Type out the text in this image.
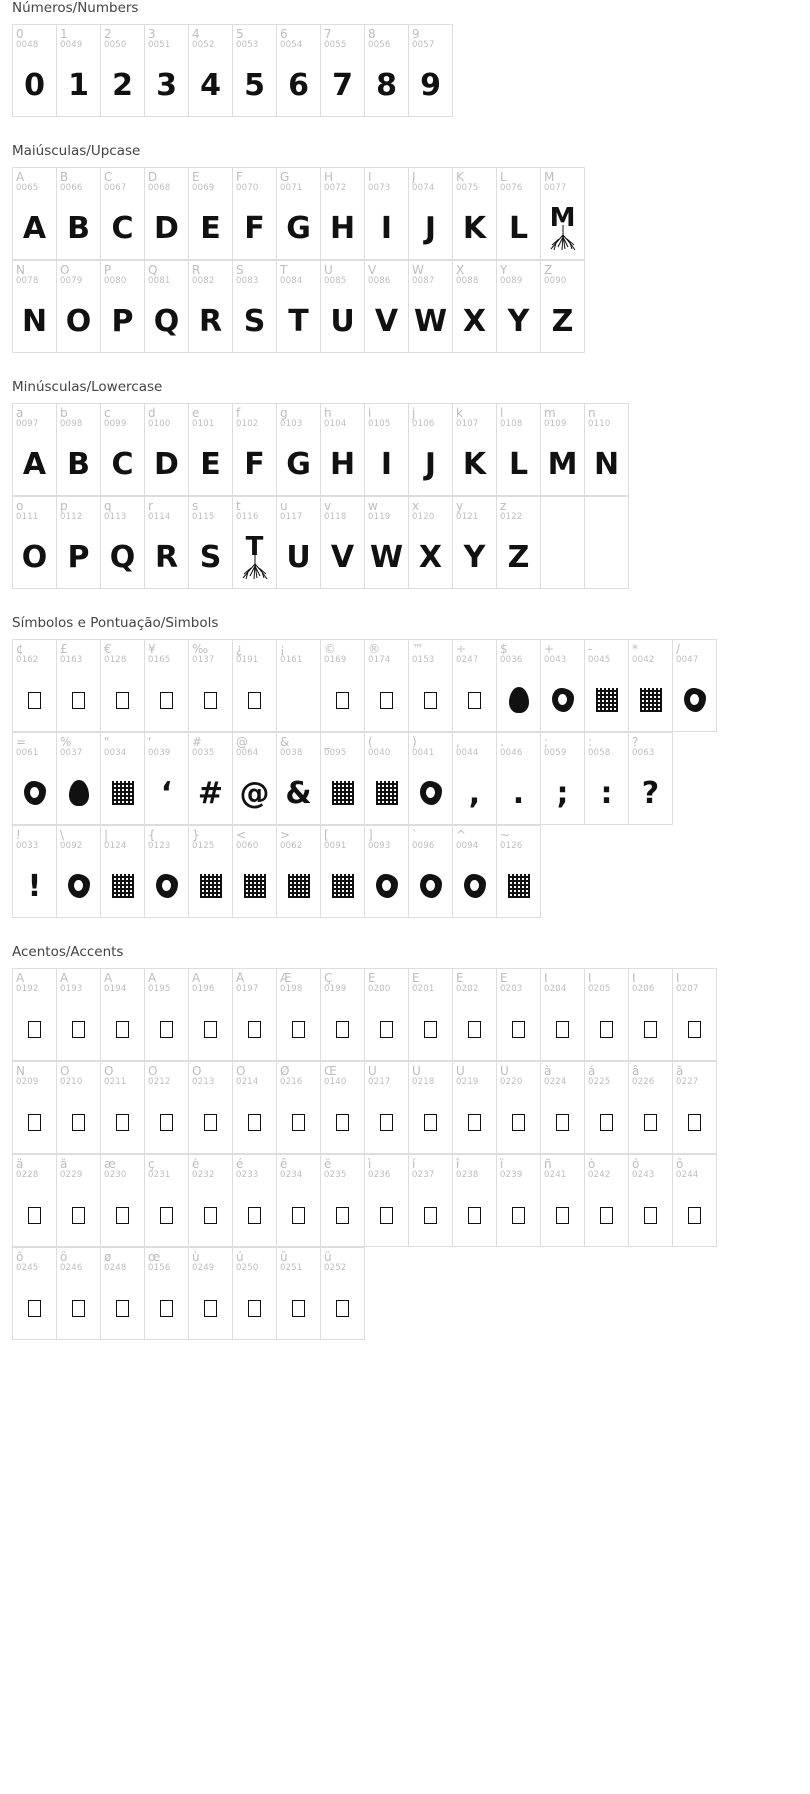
Números/Numbers
0
0048
0
1
0049
1
2
0050
2
3
0051
3
4
0052
4
5
0053
5
6
0054
6
7
0055
7
8
0056
8
9
0057
9
Maiúsculas/Upcase
A
0065
A
B
0066
B
C
0067
C
D
0068
D
E
0069
E
F
0070
F
G
0071
G
H
0072
H
I
0073
I
J
0074
J
K
0075
K
L
0076
L
M
0077
M
N
0078
N
O
0079
O
P
0080
P
Q
0081
Q
R
0082
R
S
0083
S
T
0084
T
U
0085
U
V
0086
V
W
0087
W
X
0088
X
Y
0089
Y
Z
0090
Z
Minúsculas/Lowercase
a
0097
A
b
0098
B
c
0099
C
d
0100
D
e
0101
E
f
0102
F
g
0103
G
h
0104
H
i
0105
I
j
0106
J
k
0107
K
l
0108
L
m
0109
M
n
0110
N
o
0111
O
p
0112
P
q
0113
Q
r
0114
R
s
0115
S
t
0116
T
u
0117
U
v
0118
V
w
0119
W
x
0120
X
y
0121
Y
z
0122
Z
Símbolos e Pontuação/Simbols
¢
0162
£
0163
€
0128
¥
0165
‰
0137
¿
0191
¡
0161
©
0169
®
0174
™
0153
÷
0247
$
0036
+
0043
-
0045
*
0042
/
0047
=
0061
%
0037
"
0034
'
0039
‘
#
0035
#
@
0064
@
&
0038
&
_
0095
(
0040
)
0041
,
0044
,
.
0046
.
;
0059
;
:
0058
:
?
0063
?
!
0033
!
\
0092
|
0124
{
0123
}
0125
<
0060
>
0062
[
0091
]
0093
`
0096
^
0094
~
0126
Acentos/Accents
À
0192
Á
0193
Â
0194
Ã
0195
Ä
0196
Å
0197
Æ
0198
Ç
0199
È
0200
É
0201
Ê
0202
Ë
0203
Ì
0204
Í
0205
Î
0206
Ï
0207
Ñ
0209
Ò
0210
Ó
0211
Ô
0212
Õ
0213
Ö
0214
Ø
0216
Œ
0140
Ù
0217
Ú
0218
Û
0219
Ü
0220
à
0224
á
0225
â
0226
ã
0227
ä
0228
å
0229
æ
0230
ç
0231
è
0232
é
0233
ê
0234
ë
0235
ì
0236
í
0237
î
0238
ï
0239
ñ
0241
ò
0242
ó
0243
ô
0244
õ
0245
ö
0246
ø
0248
œ
0156
ù
0249
ú
0250
û
0251
ü
0252
